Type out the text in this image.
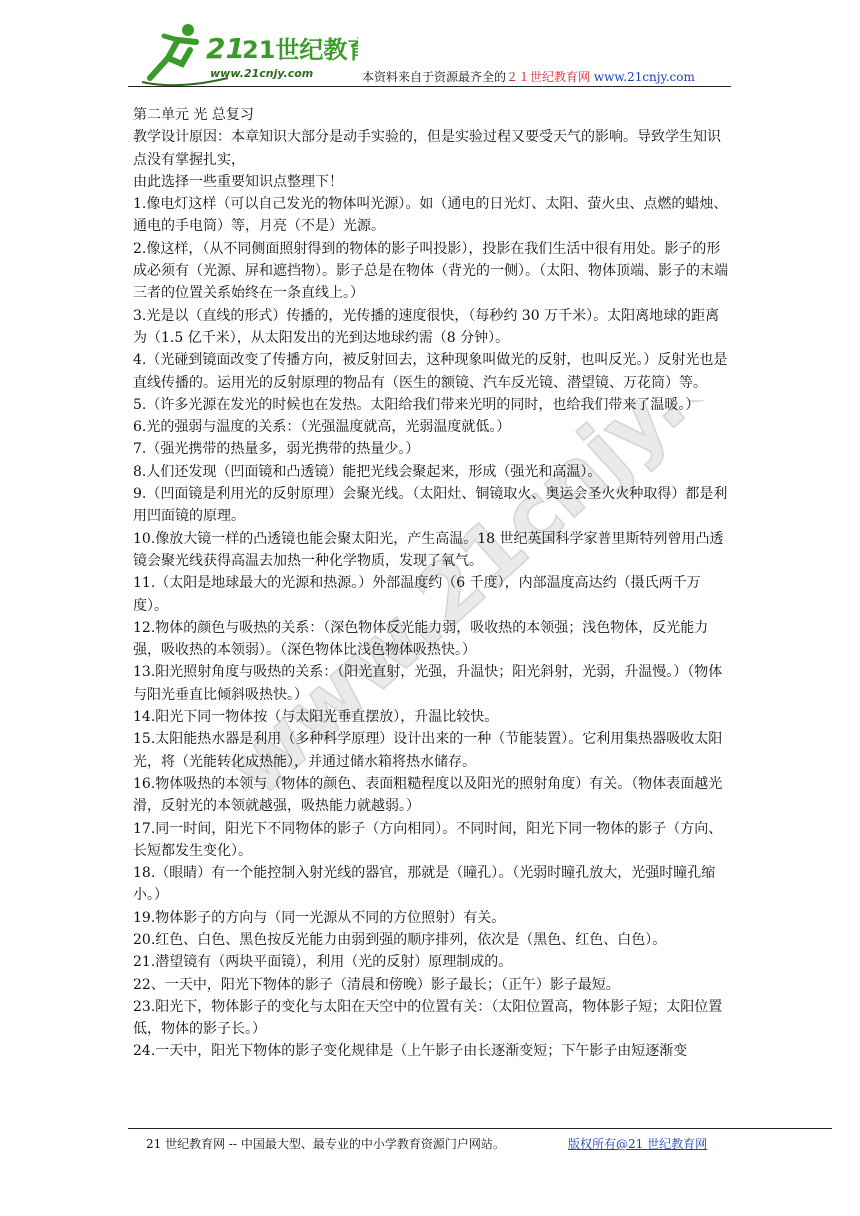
21
21世纪教
www.21cnjy.com	本资料来自于资源最齐全的２１世纪教育网 www.21cnjy.com
www.21cnjy.com

第二单元 光 总复习

教学设计原因：本章知识大部分是动手实验的，但是实验过程又要受天气的影响。导致学生知识点没有掌握扎实，

由此选择一些重要知识点整理下！

1.像电灯这样（可以自己发光的物体叫光源）。如（通电的日光灯、太阳、萤火虫、点燃的蜡烛、通电的手电筒）等，月亮（不是）光源。

2.像这样，（从不同侧面照射得到的物体的影子叫投影），投影在我们生活中很有用处。影子的形成必须有（光源、屏和遮挡物）。影子总是在物体（背光的一侧）。（太阳、物体顶端、影子的末端三者的位置关系始终在一条直线上。）

3.光是以（直线的形式）传播的，光传播的速度很快，（每秒约 30 万千米）。太阳离地球的距离为（1.5 亿千米），从太阳发出的光到达地球约需（8 分钟）。

4.（光碰到镜面改变了传播方向，被反射回去，这种现象叫做光的反射，也叫反光。）反射光也是直线传播的。运用光的反射原理的物品有（医生的额镜、汽车反光镜、潜望镜、万花筒）等。

5.（许多光源在发光的时候也在发热。太阳给我们带来光明的同时，也给我们带来了温暖。）

6.光的强弱与温度的关系：（光强温度就高，光弱温度就低。）

7.（强光携带的热量多，弱光携带的热量少。）

8.人们还发现（凹面镜和凸透镜）能把光线会聚起来，形成（强光和高温）。

9.（凹面镜是利用光的反射原理）会聚光线。（太阳灶、铜镜取火、奥运会圣火火种取得）都是利用凹面镜的原理。

10.像放大镜一样的凸透镜也能会聚太阳光，产生高温。18 世纪英国科学家普里斯特列曾用凸透镜会聚光线获得高温去加热一种化学物质，发现了氧气。

11.（太阳是地球最大的光源和热源。）外部温度约（6 千度），内部温度高达约（摄氏两千万度）。

12.物体的颜色与吸热的关系：（深色物体反光能力弱，吸收热的本领强；浅色物体，反光能力强，吸收热的本领弱）。（深色物体比浅色物体吸热快。）

13.阳光照射角度与吸热的关系：（阳光直射，光强，升温快；阳光斜射，光弱，升温慢。）（物体与阳光垂直比倾斜吸热快。）

14.阳光下同一物体按（与太阳光垂直摆放），升温比较快。

15.太阳能热水器是利用（多种科学原理）设计出来的一种（节能装置）。它利用集热器吸收太阳光，将（光能转化成热能），并通过储水箱将热水储存。

16.物体吸热的本领与（物体的颜色、表面粗糙程度以及阳光的照射角度）有关。（物体表面越光滑，反射光的本领就越强，吸热能力就越弱。）

17.同一时间，阳光下不同物体的影子（方向相同）。不同时间，阳光下同一物体的影子（方向、长短都发生变化）。

18.（眼睛）有一个能控制入射光线的器官，那就是（瞳孔）。（光弱时瞳孔放大，光强时瞳孔缩小。）

19.物体影子的方向与（同一光源从不同的方位照射）有关。

20.红色、白色、黑色按反光能力由弱到强的顺序排列，依次是（黑色、红色、白色）。

21.潜望镜有（两块平面镜），利用（光的反射）原理制成的。

22、一天中，阳光下物体的影子（清晨和傍晚）影子最长；（正午）影子最短。

23.阳光下，物体影子的变化与太阳在天空中的位置有关：（太阳位置高，物体影子短；太阳位置低，物体的影子长。）

24.一天中，阳光下物体的影子变化规律是（上午影子由长逐渐变短；下午影子由短逐渐变

21 世纪教育网 -- 中国最大型、最专业的中小学教育资源门户网站。	版权所有@21 世纪教育网
